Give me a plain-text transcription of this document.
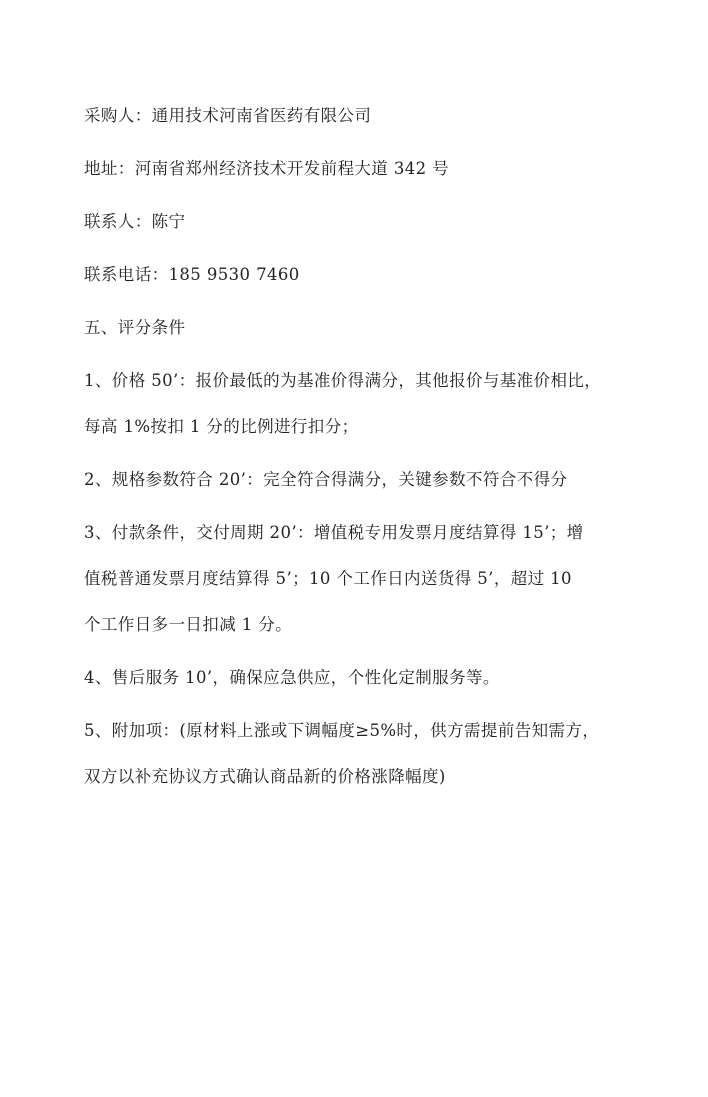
采购人：通用技术河南省医药有限公司
地址：河南省郑州经济技术开发前程大道 342 号
联系人：陈宁
联系电话：185 9530 7460
五、评分条件
1、价格 50’：报价最低的为基准价得满分，其他报价与基准价相比，
每高 1%按扣 1 分的比例进行扣分；
2、规格参数符合 20’：完全符合得满分，关键参数不符合不得分
3、付款条件，交付周期 20’：增值税专用发票月度结算得 15’；增
值税普通发票月度结算得 5’；10 个工作日内送货得 5’，超过 10
个工作日多一日扣减 1 分。
4、售后服务 10’，确保应急供应，个性化定制服务等。
5、附加项：(原材料上涨或下调幅度≥5%时，供方需提前告知需方，
双方以补充协议方式确认商品新的价格涨降幅度)
